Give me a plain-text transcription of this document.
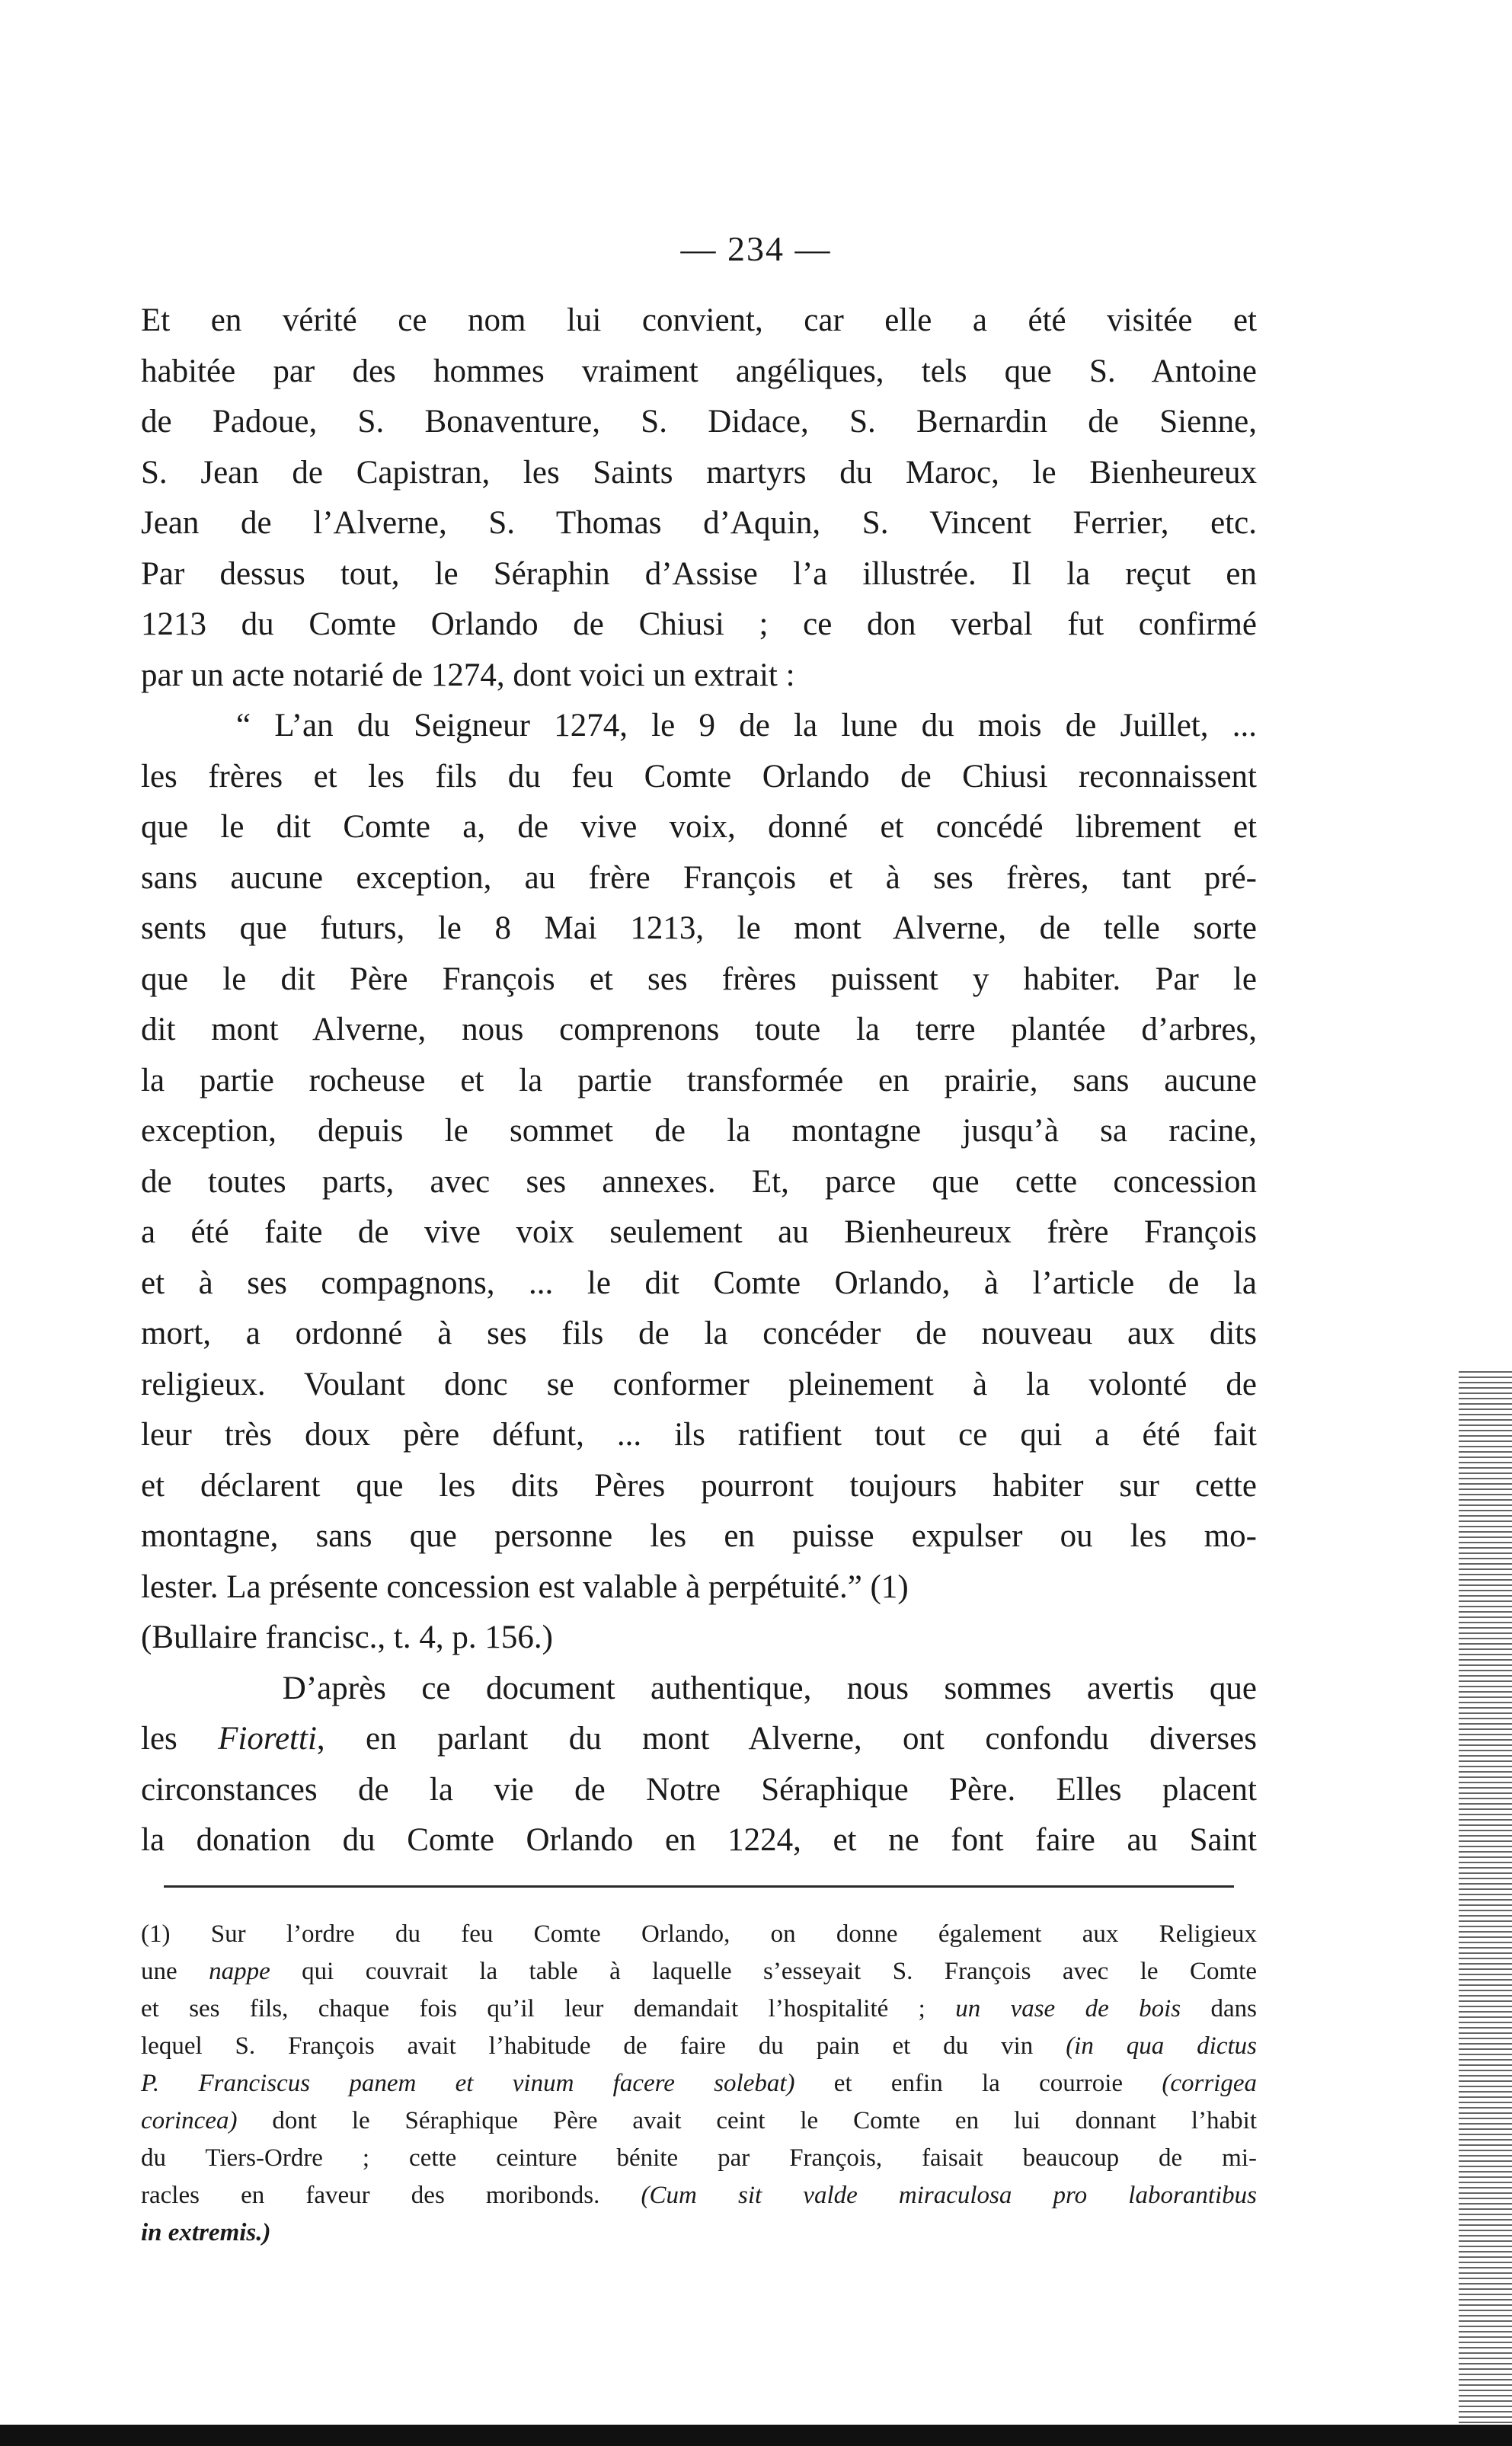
— 234 —

Et en vérité ce nom lui convient, car elle a été visitée et

habitée par des hommes vraiment angéliques, tels que S. Antoine

de Padoue, S. Bonaventure, S. Didace, S. Bernardin de Sienne,

S. Jean de Capistran, les Saints martyrs du Maroc, le Bienheureux

Jean de l’Alverne, S. Thomas d’Aquin, S. Vincent Ferrier, etc.

Par dessus tout, le Séraphin d’Assise l’a illustrée. Il la reçut en

1213 du Comte Orlando de Chiusi ; ce don verbal fut confirmé

par un acte notarié de 1274, dont voici un extrait :

“ L’an du Seigneur 1274, le 9 de la lune du mois de Juillet, ...

les frères et les fils du feu Comte Orlando de Chiusi reconnaissent

que le dit Comte a, de vive voix, donné et concédé librement et

sans aucune exception, au frère François et à ses frères, tant pré-

sents que futurs, le 8 Mai 1213, le mont Alverne, de telle sorte

que le dit Père François et ses frères puissent y habiter. Par le

dit mont Alverne, nous comprenons toute la terre plantée d’arbres,

la partie rocheuse et la partie transformée en prairie, sans aucune

exception, depuis le sommet de la montagne jusqu’à sa racine,

de toutes parts, avec ses annexes. Et, parce que cette concession

a été faite de vive voix seulement au Bienheureux frère François

et à ses compagnons, ... le dit Comte Orlando, à l’article de la

mort, a ordonné à ses fils de la concéder de nouveau aux dits

religieux. Voulant donc se conformer pleinement à la volonté de

leur très doux père défunt, ... ils ratifient tout ce qui a été fait

et déclarent que les dits Pères pourront toujours habiter sur cette

montagne, sans que personne les en puisse expulser ou les mo-

lester. La présente concession est valable à perpétuité.” (1)

(Bullaire francisc., t. 4, p. 156.)

D’après ce document authentique, nous sommes avertis que

les Fioretti, en parlant du mont Alverne, ont confondu diverses

circonstances de la vie de Notre Séraphique Père. Elles placent

la donation du Comte Orlando en 1224, et ne font faire au Saint

(1) Sur l’ordre du feu Comte Orlando, on donne également aux Religieux

une nappe qui couvrait la table à laquelle s’esseyait S. François avec le Comte

et ses fils, chaque fois qu’il leur demandait l’hospitalité ; un vase de bois dans

lequel S. François avait l’habitude de faire du pain et du vin (in qua dictus

P. Franciscus panem et vinum facere solebat) et enfin la courroie (corrigea

corincea) dont le Séraphique Père avait ceint le Comte en lui donnant l’habit

du Tiers-Ordre ; cette ceinture bénite par François, faisait beaucoup de mi-

racles en faveur des moribonds. (Cum sit valde miraculosa pro laborantibus

in extremis.)
